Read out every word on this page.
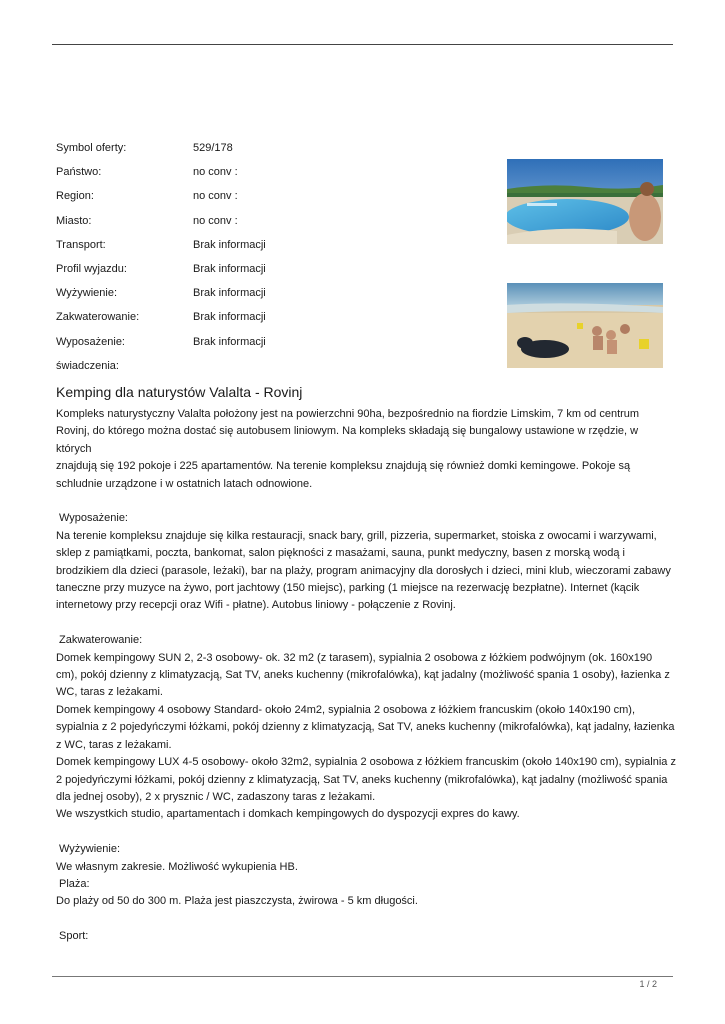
Symbol oferty:	529/178
Państwo:	no conv :
Region:	no conv :
Miasto:	no conv :
Transport:	Brak informacji
Profil wyjazdu:	Brak informacji
Wyżywienie:	Brak informacji
Zakwaterowanie:	Brak informacji
Wyposażenie:	Brak informacji
świadczenia:
Kemping dla naturystów Valalta - Rovinj

Kompleks naturystyczny Valalta położony jest na powierzchni 90ha, bezpośrednio na fiordzie Limskim, 7 km od centrum

Rovinj, do którego można dostać się autobusem liniowym. Na kompleks składają się bungalowy ustawione w rzędzie, w których

znajdują się 192 pokoje i 225 apartamentów. Na terenie kompleksu znajdują się również domki kemingowe. Pokoje są

schludnie urządzone i w ostatnich latach odnowione.

Wyposażenie:

Na terenie kompleksu znajduje się kilka restauracji, snack bary, grill, pizzeria, supermarket, stoiska z owocami i warzywami,

sklep z pamiątkami, poczta, bankomat, salon piękności z masażami, sauna, punkt medyczny, basen z morską wodą i

brodzikiem dla dzieci (parasole, leżaki), bar na plaży, program animacyjny dla dorosłych i dzieci, mini klub, wieczorami zabawy

taneczne przy muzyce na żywo, port jachtowy (150 miejsc), parking (1 miejsce na rezerwację bezpłatne). Internet (kącik

internetowy przy recepcji oraz Wifi - płatne). Autobus liniowy - połączenie z Rovinj.

Zakwaterowanie:

Domek kempingowy SUN 2, 2-3 osobowy- ok. 32 m2 (z tarasem), sypialnia 2 osobowa z łóżkiem podwójnym (ok. 160x190

cm), pokój dzienny z klimatyzacją, Sat TV, aneks kuchenny (mikrofalówka), kąt jadalny (możliwość spania 1 osoby), łazienka z

WC, taras z leżakami.

Domek kempingowy 4 osobowy Standard- około 24m2, sypialnia 2 osobowa z łóżkiem francuskim (około 140x190 cm),

sypialnia z 2 pojedyńczymi łóżkami, pokój dzienny z klimatyzacją, Sat TV, aneks kuchenny (mikrofalówka), kąt jadalny, łazienka

z WC, taras z leżakami.

Domek kempingowy LUX 4-5 osobowy- około 32m2, sypialnia 2 osobowa z łóżkiem francuskim (około 140x190 cm), sypialnia z

2 pojedyńczymi łóżkami, pokój dzienny z klimatyzacją, Sat TV, aneks kuchenny (mikrofalówka), kąt jadalny (możliwość spania

dla jednej osoby), 2 x prysznic / WC, zadaszony taras z leżakami.

We wszystkich studio, apartamentach i domkach kempingowych do dyspozycji expres do kawy.

Wyżywienie:

We własnym zakresie. Możliwość wykupienia HB.

Plaża:

Do plaży od 50 do 300 m. Plaża jest piaszczysta, żwirowa - 5 km długości.

Sport:

1 / 2
